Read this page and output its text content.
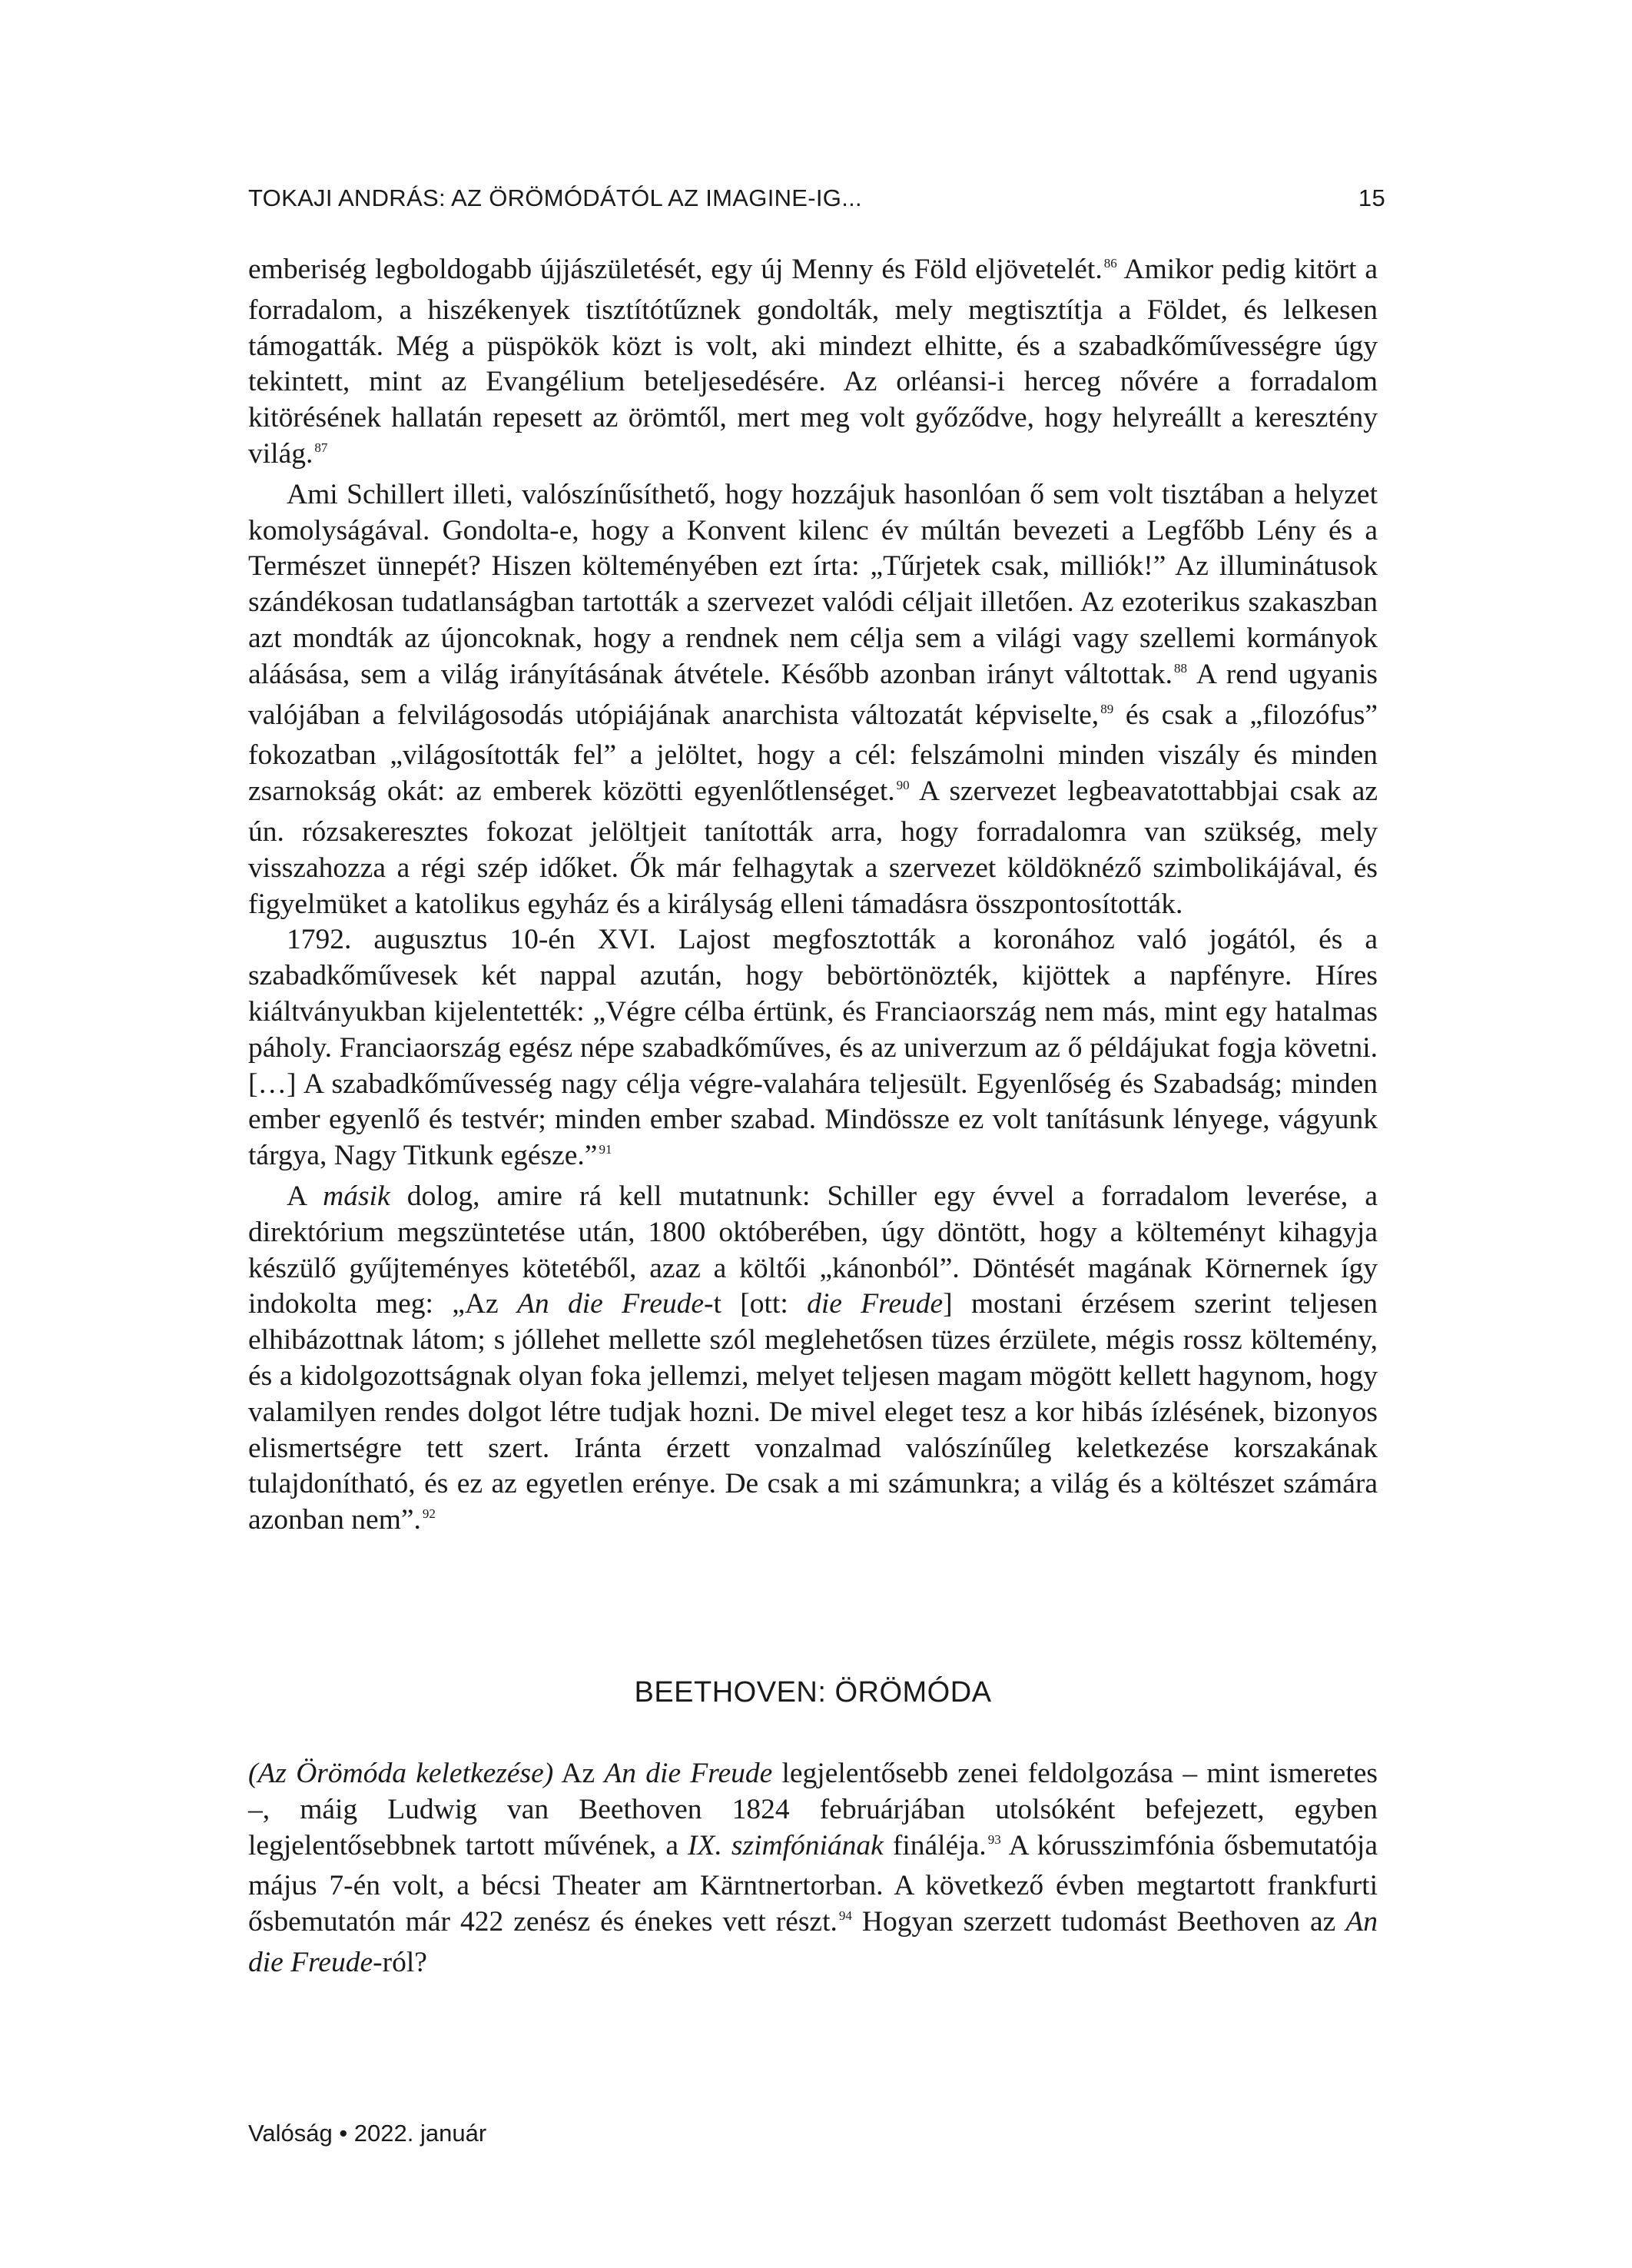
TOKAJI ANDRÁS: AZ ÖRÖMÓDÁTÓL AZ IMAGINE-IG...	15

emberiség legboldogabb újjászületését, egy új Menny és Föld eljövetelét. $^{86}$ Amikor pedig kitört a forradalom, a hiszékenyek tisztítótűznek gondolták, mely megtisztítja a Földet, és lelkesen támogatták. Még a püspökök közt is volt, aki mindezt elhitte, és a szabadkőművességre úgy tekintett, mint az Evangélium beteljesedésére. Az orléansi-i herceg nővére a forradalom kitörésének hallatán repesett az örömtől, mert meg volt győződve, hogy helyreállt a keresztény világ. $^{87}$

Ami Schillert illeti, valószínűsíthető, hogy hozzájuk hasonlóan ő sem volt tisztában a helyzet komolyságával. Gondolta-e, hogy a Konvent kilenc év múltán bevezeti a Legfőbb Lény és a Természet ünnepét? Hiszen költeményében ezt írta: „Tűrjetek csak, milliók!” Az illuminátusok szándékosan tudatlanságban tartották a szervezet valódi céljait illetően. Az ezoterikus szakaszban azt mondták az újoncoknak, hogy a rendnek nem célja sem a világi vagy szellemi kormányok aláásása, sem a világ irányításának átvétele. Később azonban irányt váltottak. $^{88}$ A rend ugyanis valójában a felvilágosodás utópiájának anarchista változatát képviselte, $^{89}$ és csak a „filozófus” fokozatban „világosították fel” a jelöltet, hogy a cél: felszámolni minden viszály és minden zsarnokság okát: az emberek közötti egyenlőtlenséget. $^{90}$ A szervezet legbeavatottabbjai csak az ún. rózsakeresztes fokozat jelöltjeit tanították arra, hogy forradalomra van szükség, mely visszahozza a régi szép időket. Ők már felhagytak a szervezet köldöknéző szimbolikájával, és figyelmüket a katolikus egyház és a királyság elleni támadásra összpontosították.

1792. augusztus 10-én XVI. Lajost megfosztották a koronához való jogától, és a szabadkőművesek két nappal azután, hogy bebörtönözték, kijöttek a napfényre. Híres kiáltványukban kijelentették: „Végre célba értünk, és Franciaország nem más, mint egy hatalmas páholy. Franciaország egész népe szabadkőműves, és az univerzum az ő példájukat fogja követni. […] A szabadkőművesség nagy célja végre-valahára teljesült. Egyenlőség és Szabadság; minden ember egyenlő és testvér; minden ember szabad. Mindössze ez volt tanításunk lényege, vágyunk tárgya, Nagy Titkunk egésze.” $^{91}$

A másik dolog, amire rá kell mutatnunk: Schiller egy évvel a forradalom leverése, a direktórium megszüntetése után, 1800 októberében, úgy döntött, hogy a költeményt kihagyja készülő gyűjteményes kötetéből, azaz a költői „kánonból”. Döntését magának Körnernek így indokolta meg: „Az An die Freude-t [ott: die Freude] mostani érzésem szerint teljesen elhibázottnak látom; s jóllehet mellette szól meglehetősen tüzes érzülete, mégis rossz költemény, és a kidolgozottságnak olyan foka jellemzi, melyet teljesen magam mögött kellett hagynom, hogy valamilyen rendes dolgot létre tudjak hozni. De mivel eleget tesz a kor hibás ízlésének, bizonyos elismertségre tett szert. Iránta érzett vonzalmad valószínűleg keletkezése korszakának tulajdonítható, és ez az egyetlen erénye. De csak a mi számunkra; a világ és a költészet számára azonban nem”. $^{92}$

BEETHOVEN: ÖRÖMÓDA

(Az Örömóda keletkezése) Az An die Freude legjelentősebb zenei feldolgozása – mint ismeretes –, máig Ludwig van Beethoven 1824 februárjában utolsóként befejezett, egyben legjelentősebbnek tartott művének, a IX. szimfóniának fináléja. $^{93}$ A kórusszimfónia ősbemutatója május 7-én volt, a bécsi Theater am Kärntnertorban. A következő évben megtartott frankfurti ősbemutatón már 422 zenész és énekes vett részt. $^{94}$ Hogyan szerzett tudomást Beethoven az An die Freude-ról?

Valóság • 2022. január
